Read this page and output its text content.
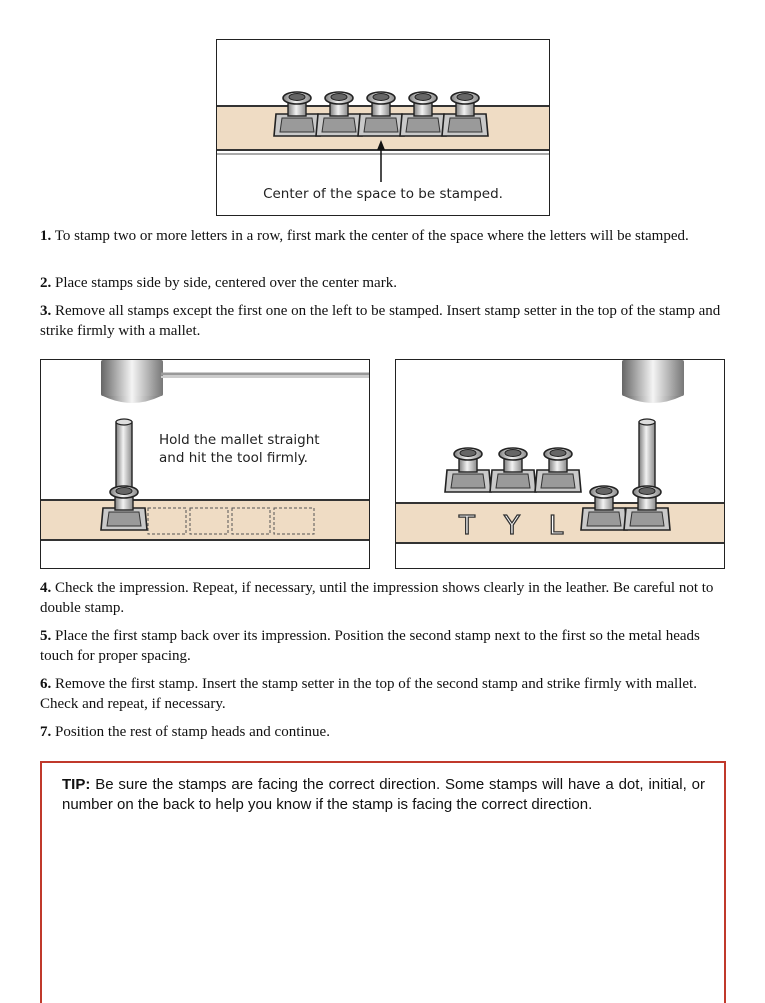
Center of the space to be stamped.
1. To stamp two or more letters in a row, first mark the center of the space where the letters will be stamped.
2. Place stamps side by side, centered over the center mark.
3. Remove all stamps except the first one on the left to be stamped. Insert stamp setter in the top of the stamp and strike firmly with a mallet.
Hold the mallet straight
and hit the tool firmly.
T Y L
4. Check the impression. Repeat, if necessary, until the impression shows clearly in the leather. Be careful not to double stamp.
5. Place the first stamp back over its impression. Position the second stamp next to the first so the metal heads touch for proper spacing.
6. Remove the first stamp. Insert the stamp setter in the top of the second stamp and strike firmly with mallet. Check and repeat, if necessary.
7. Position the rest of stamp heads and continue.
TIP: Be sure the stamps are facing the correct direction. Some stamps will have a dot, initial, or number on the back to help you know if the stamp is facing the correct direction.
